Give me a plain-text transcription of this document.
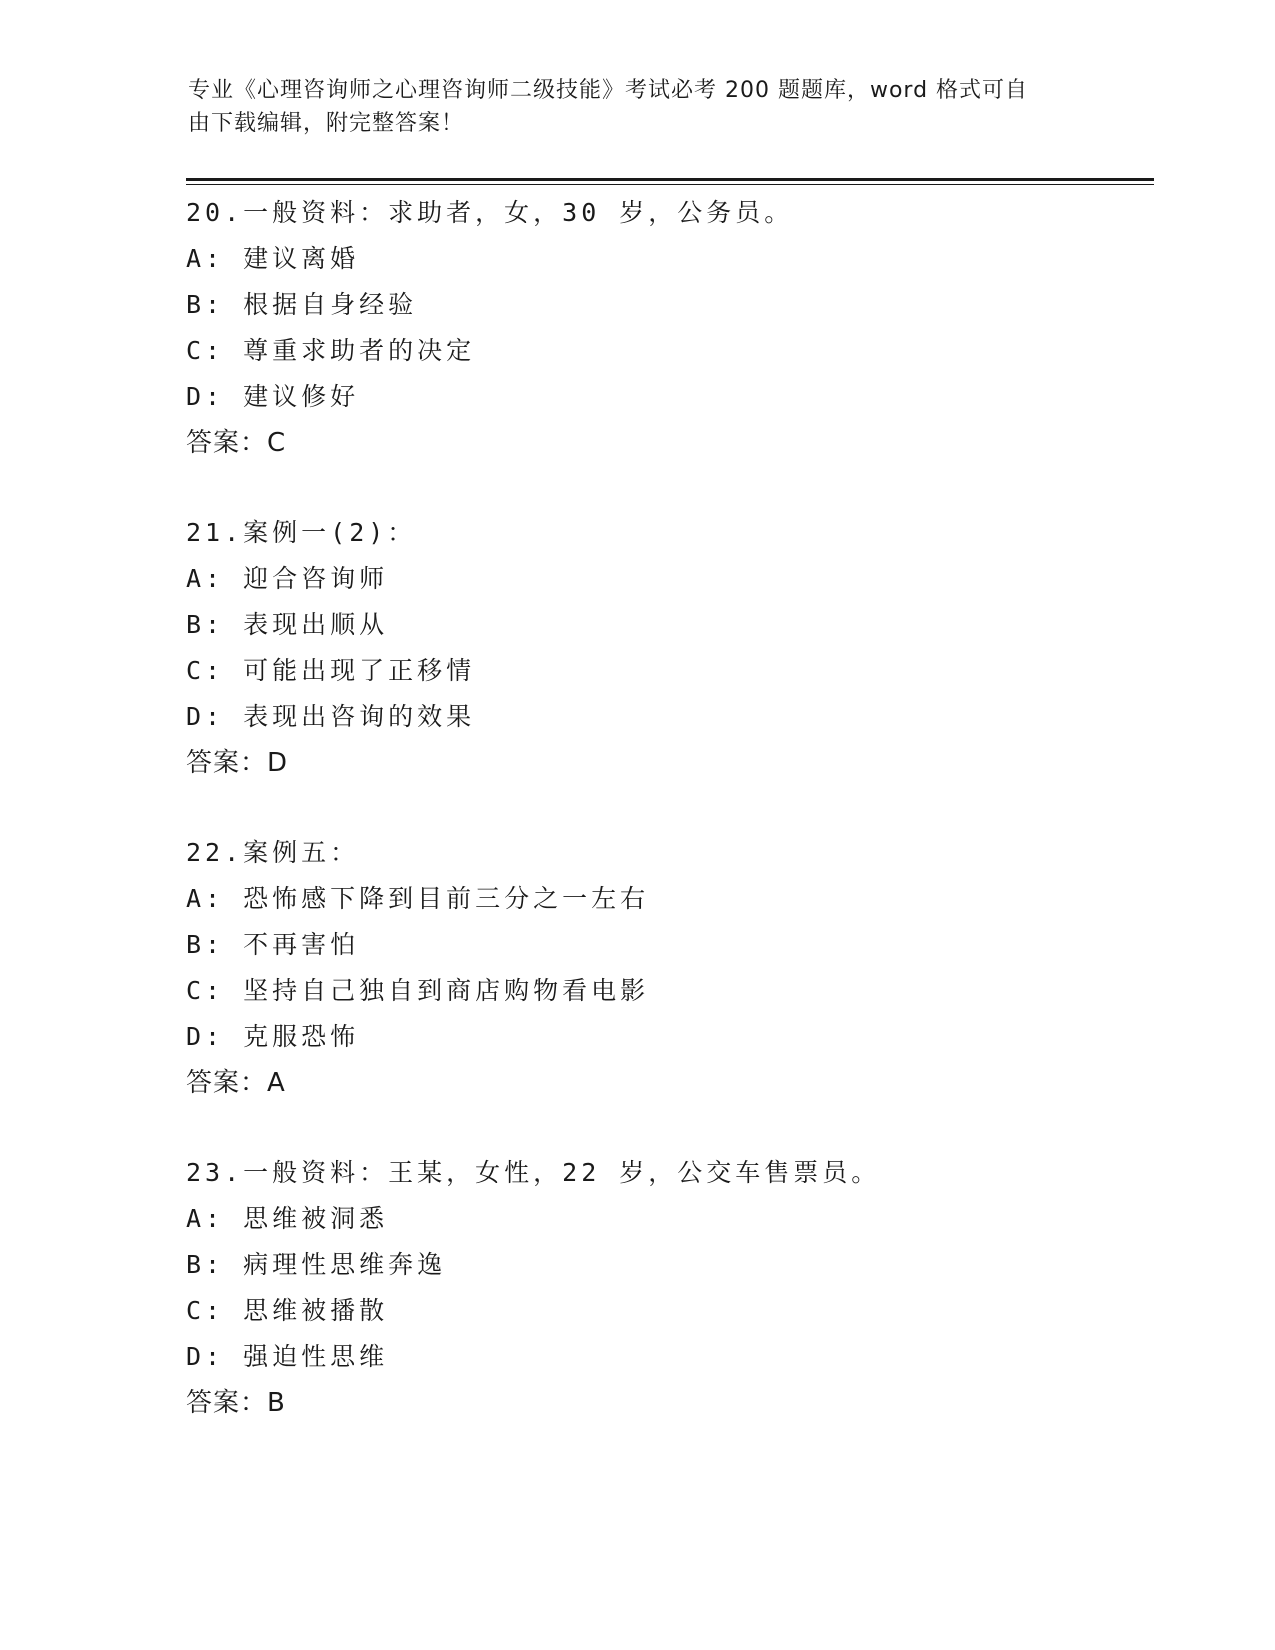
专业《心理咨询师之心理咨询师二级技能》考试必考 200 题题库，word 格式可自
由下载编辑，附完整答案！
20.一般资料：求助者，女，30 岁，公务员。
A: 建议离婚
B: 根据自身经验
C: 尊重求助者的决定
D: 建议修好
答案：C
21.案例一(2)：
A: 迎合咨询师
B: 表现出顺从
C: 可能出现了正移情
D: 表现出咨询的效果
答案：D
22.案例五：
A: 恐怖感下降到目前三分之一左右
B: 不再害怕
C: 坚持自己独自到商店购物看电影
D: 克服恐怖
答案：A
23.一般资料：王某，女性，22 岁，公交车售票员。
A: 思维被洞悉
B: 病理性思维奔逸
C: 思维被播散
D: 强迫性思维
答案：B
